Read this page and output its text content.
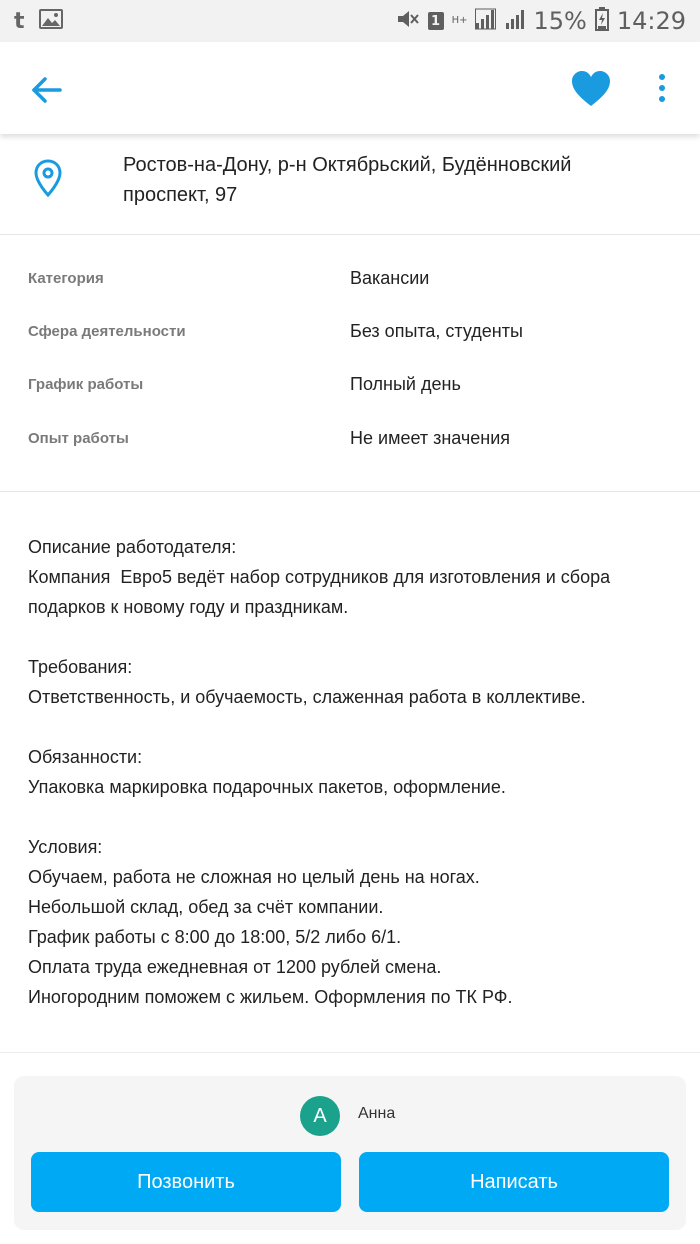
t	1	H+	15% 14:29
Ростов-на-Дону, р-н Октябрьский, Будённовский
проспект, 97
Категория	Вакансии
Сфера деятельности	Без опыта, студенты
График работы	Полный день
Опыт работы	Не имеет значения

Описание работодателя:
Компания  Евро5 ведёт набор сотрудников для изготовления и сбора
подарков к новому году и праздникам.

Требования:
Ответственность, и обучаемость, слаженная работа в коллективе.

Обязанности:
Упаковка маркировка подарочных пакетов, оформление.

Условия:
Обучаем, работа не сложная но целый день на ногах.
Небольшой склад, обед за счёт компании.
График работы с 8:00 до 18:00, 5/2 либо 6/1.
Оплата труда ежедневная от 1200 рублей смена.
Иногородним поможем с жильем. Оформления по ТК РФ.

А	Анна
Позвонить	Написать
